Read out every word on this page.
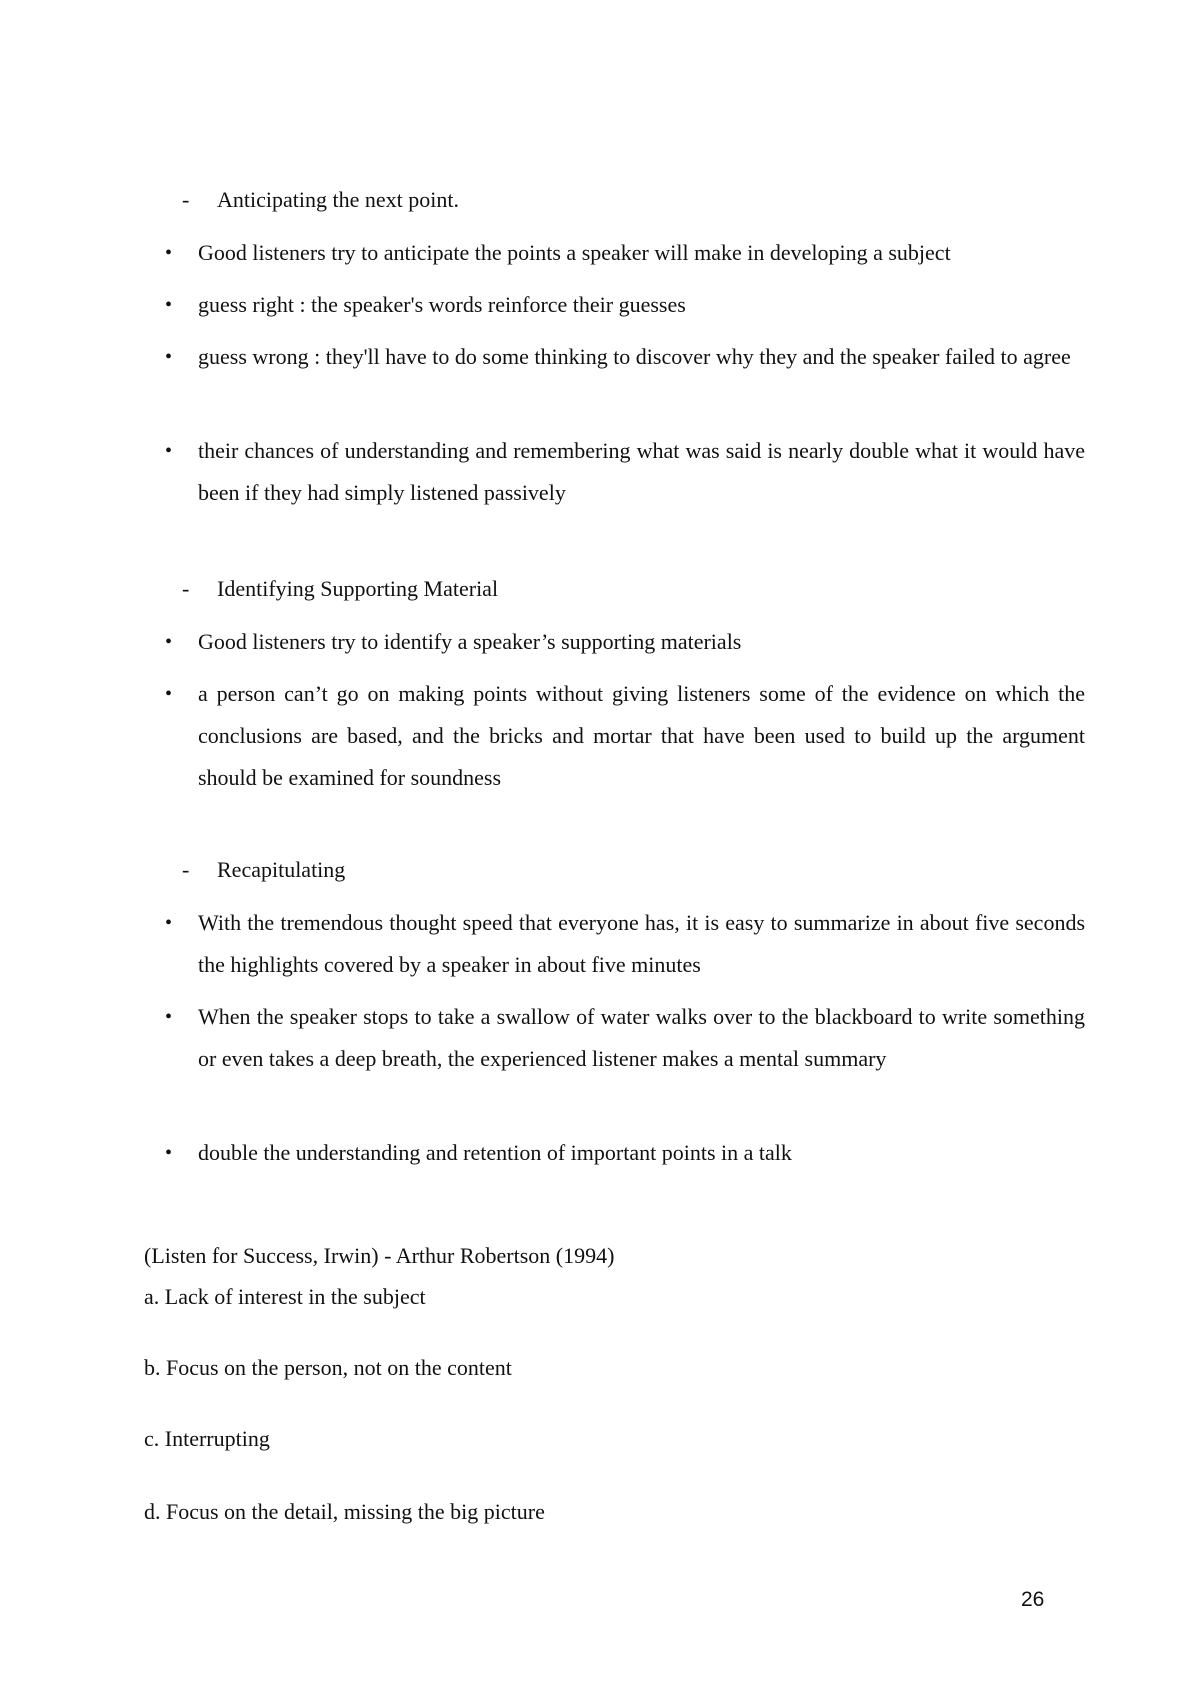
- Anticipating the next point.
• Good listeners try to anticipate the points a speaker will make in developing a subject
• guess right : the speaker's words reinforce their guesses
• guess wrong : they'll have to do some thinking to discover why they and the speaker failed to agree
• their chances of understanding and remembering what was said is nearly double what it would have been if they had simply listened passively
- Identifying Supporting Material
• Good listeners try to identify a speaker’s supporting materials
• a person can’t go on making points without giving listeners some of the evidence on which the conclusions are based, and the bricks and mortar that have been used to build up the argument should be examined for soundness
- Recapitulating
• With the tremendous thought speed that everyone has, it is easy to summarize in about five seconds the highlights covered by a speaker in about five minutes
• When the speaker stops to take a swallow of water walks over to the blackboard to write something or even takes a deep breath, the experienced listener makes a mental summary
• double the understanding and retention of important points in a talk
(Listen for Success, Irwin) - Arthur Robertson (1994)
a. Lack of interest in the subject
b. Focus on the person, not on the content
c. Interrupting
d. Focus on the detail, missing the big picture
26
